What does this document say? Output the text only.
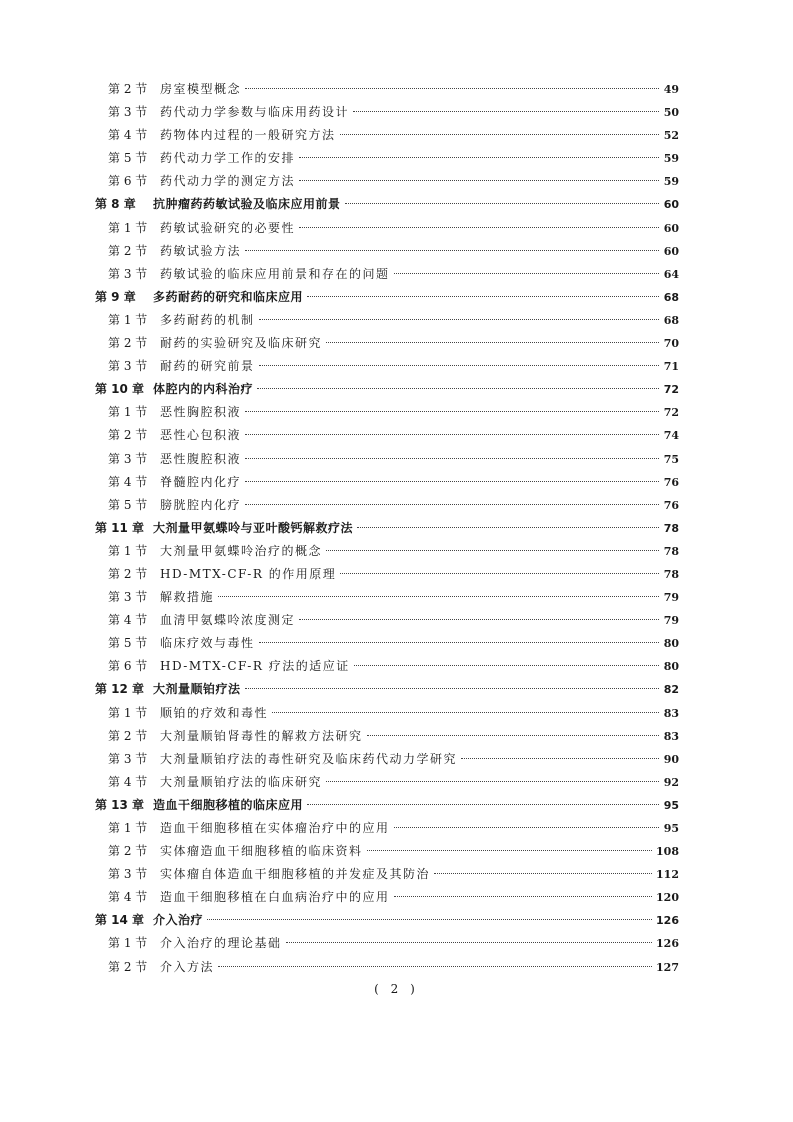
第 2 节	房室模型概念	49
第 3 节	药代动力学参数与临床用药设计	50
第 4 节	药物体内过程的一般研究方法	52
第 5 节	药代动力学工作的安排	59
第 6 节	药代动力学的测定方法	59
第 8 章	抗肿瘤药药敏试验及临床应用前景	60
第 1 节	药敏试验研究的必要性	60
第 2 节	药敏试验方法	60
第 3 节	药敏试验的临床应用前景和存在的问题	64
第 9 章	多药耐药的研究和临床应用	68
第 1 节	多药耐药的机制	68
第 2 节	耐药的实验研究及临床研究	70
第 3 节	耐药的研究前景	71
第 10 章 体腔内的内科治疗	72
第 1 节	恶性胸腔积液	72
第 2 节	恶性心包积液	74
第 3 节	恶性腹腔积液	75
第 4 节	脊髓腔内化疗	76
第 5 节	膀胱腔内化疗	76
第 11 章 大剂量甲氨蝶呤与亚叶酸钙解救疗法	78
第 1 节	大剂量甲氨蝶呤治疗的概念	78
第 2 节	HD-MTX-CF-R 的作用原理	78
第 3 节	解救措施	79
第 4 节	血清甲氨蝶呤浓度测定	79
第 5 节	临床疗效与毒性	80
第 6 节	HD-MTX-CF-R 疗法的适应证	80
第 12 章 大剂量顺铂疗法	82
第 1 节	顺铂的疗效和毒性	83
第 2 节	大剂量顺铂肾毒性的解救方法研究	83
第 3 节	大剂量顺铂疗法的毒性研究及临床药代动力学研究	90
第 4 节	大剂量顺铂疗法的临床研究	92
第 13 章 造血干细胞移植的临床应用	95
第 1 节	造血干细胞移植在实体瘤治疗中的应用	95
第 2 节	实体瘤造血干细胞移植的临床资料	108
第 3 节	实体瘤自体造血干细胞移植的并发症及其防治	112
第 4 节	造血干细胞移植在白血病治疗中的应用	120
第 14 章 介入治疗	126
第 1 节	介入治疗的理论基础	126
第 2 节	介入方法	127
( 2 )
